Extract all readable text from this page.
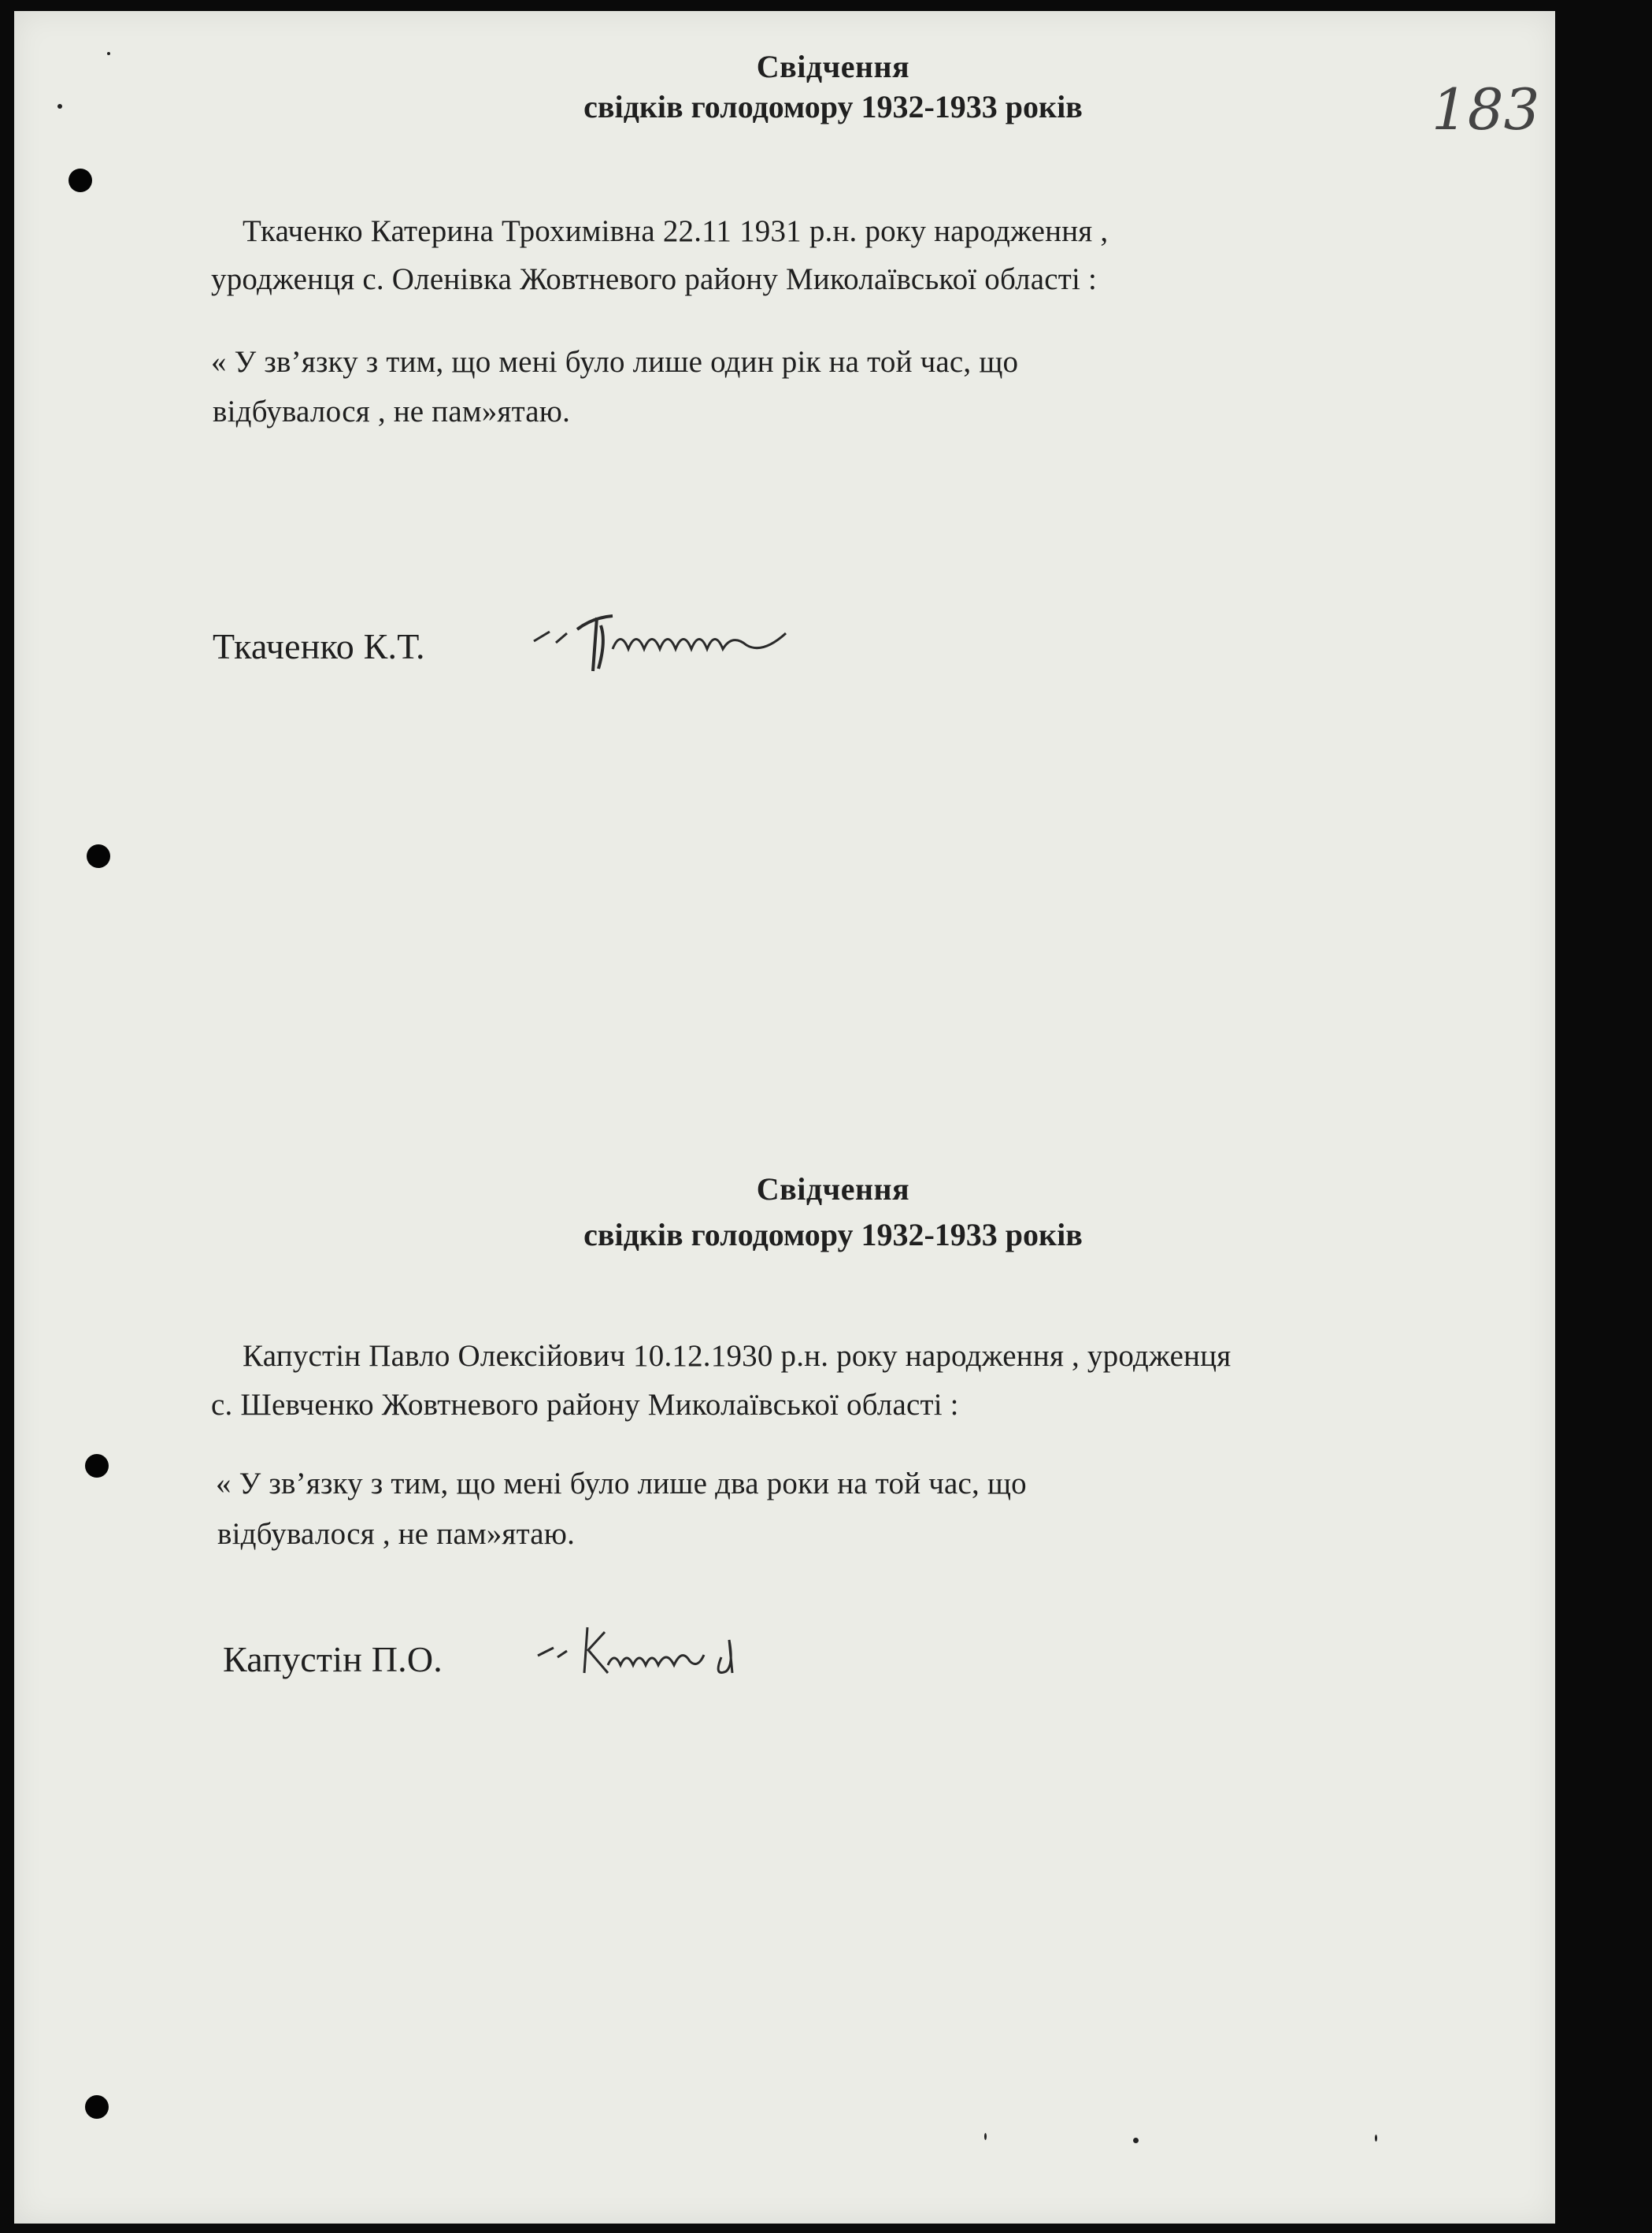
183
Свідчення
свідків голодомору 1932-1933 років
Ткаченко Катерина Трохимівна 22.11 1931 р.н. року народження ,
уродженця с. Оленівка Жовтневого району Миколаївської області :
« У зв’язку з тим, що мені було лише один рік на той час, що
відбувалося , не пам»ятаю.
Ткаченко К.Т.
Свідчення
свідків голодомору 1932-1933 років
Капустін Павло Олексійович 10.12.1930 р.н. року народження , уродженця
с. Шевченко Жовтневого району Миколаївської області :
« У зв’язку з тим, що мені було лише два роки на той час, що
відбувалося , не пам»ятаю.
Капустін П.О.
